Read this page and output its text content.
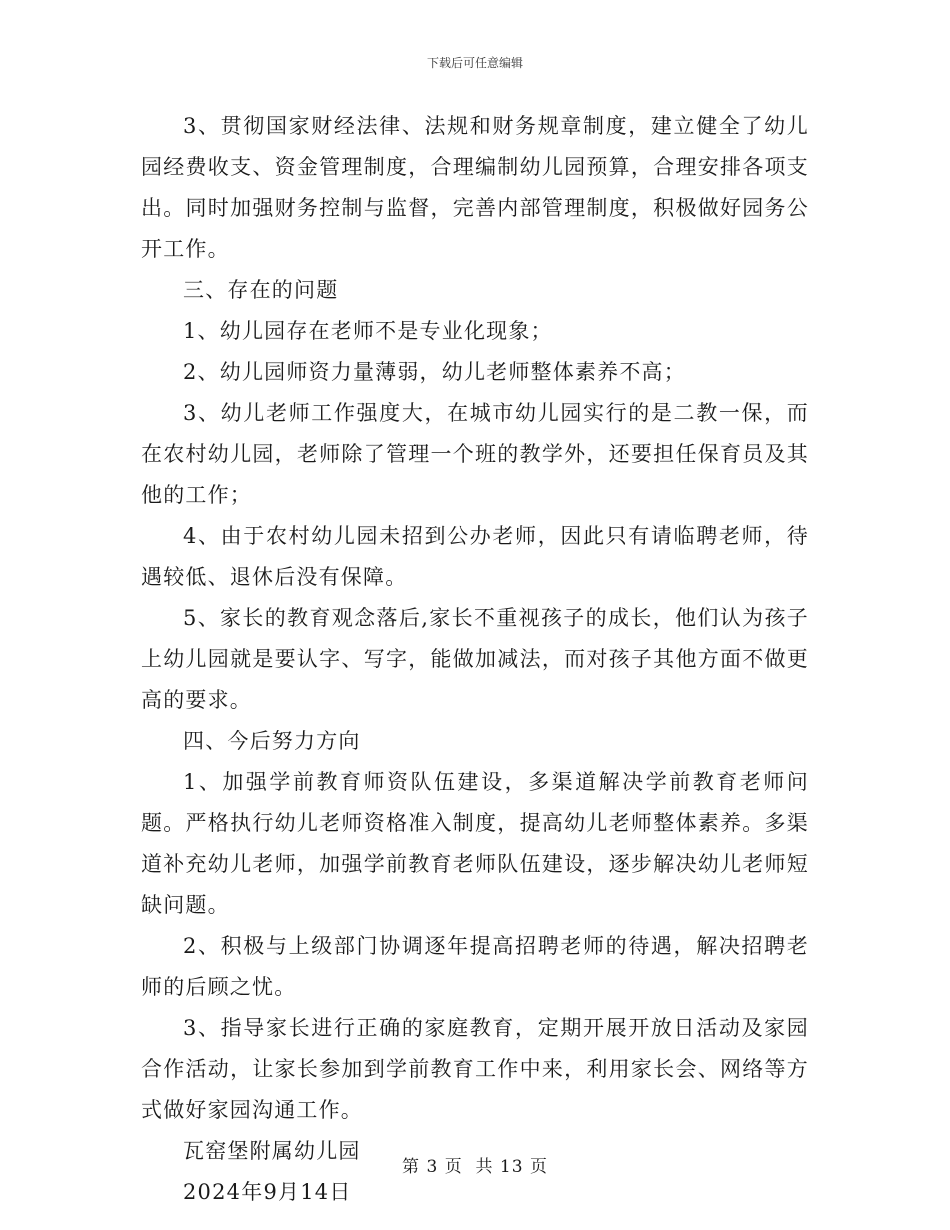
下载后可任意编辑

3、贯彻国家财经法律、法规和财务规章制度，建立健全了幼儿园经费收支、资金管理制度，合理编制幼儿园预算，合理安排各项支出。同时加强财务控制与监督，完善内部管理制度，积极做好园务公开工作。

三、存在的问题

1、幼儿园存在老师不是专业化现象；

2、幼儿园师资力量薄弱，幼儿老师整体素养不高；

3、幼儿老师工作强度大，在城市幼儿园实行的是二教一保，而在农村幼儿园，老师除了管理一个班的教学外，还要担任保育员及其他的工作；

4、由于农村幼儿园未招到公办老师，因此只有请临聘老师，待遇较低、退休后没有保障。

5、家长的教育观念落后,家长不重视孩子的成长，他们认为孩子上幼儿园就是要认字、写字，能做加减法，而对孩子其他方面不做更高的要求。

四、今后努力方向

1、加强学前教育师资队伍建设，多渠道解决学前教育老师问题。严格执行幼儿老师资格准入制度，提高幼儿老师整体素养。多渠道补充幼儿老师，加强学前教育老师队伍建设，逐步解决幼儿老师短缺问题。

2、积极与上级部门协调逐年提高招聘老师的待遇，解决招聘老师的后顾之忧。

3、指导家长进行正确的家庭教育，定期开展开放日活动及家园合作活动，让家长参加到学前教育工作中来，利用家长会、网络等方式做好家园沟通工作。

瓦窑堡附属幼儿园

2024年9月14日

第 3 页  共 13 页
